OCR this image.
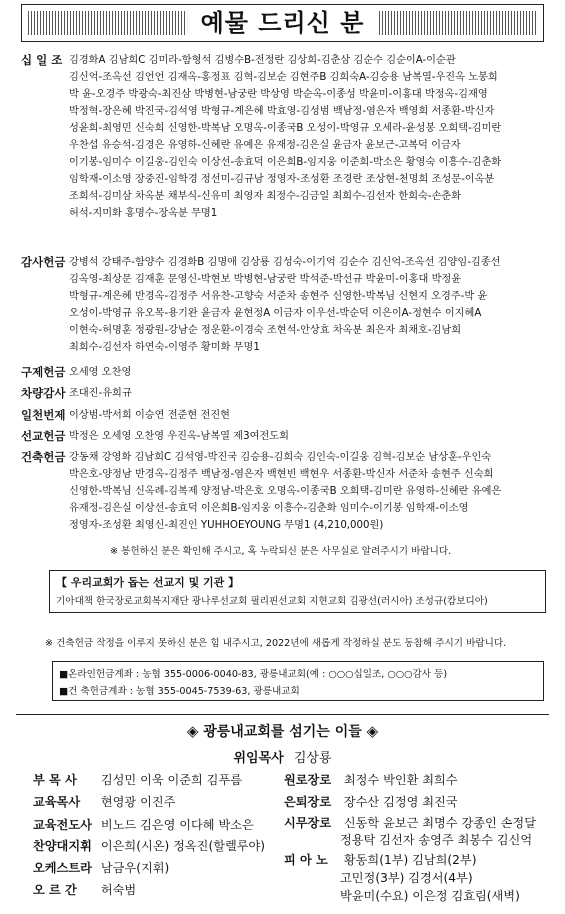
예물 드리신 분
십 일 조 김경화A 김남희C 김미라-함형석 김병수B-전정란 김상희-김춘삼 김순수 김순이A-이순관
김신억-조옥선 김언언 김재옥-홍정표 김혁-김보순 김현주B 김희숙A-김승용 남복열-우진옥 노봉희
박 윤-오경주 박광숙-최진삼 박병현-남궁란 박상영 박순옥-이종성 박윤미-이홍대 박정옥-김재영
박정혁-장은혜 박진국-김석영 박형규-계은혜 박효영-김성범 백남정-염은자 백영희 서종환-박신자
성윤희-최영민 신숙희 신영한-박복남 오명옥-이종국B 오성이-박영규 오세라-윤성봉 오희택-김미란
우찬섭 유승석-김경은 유영하-신혜란 유예은 유재정-김은실 윤금자 윤보근-고복덕 이금자
이기봉-임미수 이길웅-김인숙 이상선-송효덕 이은희B-임지웅 이준희-박소은 황영숙 이흥수-김춘화
임학재-이소영 장중진-임학경 정선미-김규남 정영자-조성환 조경란 조상현-천명희 조성문-이옥분
조희석-김미삼 차옥분 채부식-신유미 최영자 최정수-김금일 최희수-김선자 한희숙-손춘화
허석-지미화 홍명수-장옥분 무명1
감사헌금 강병석 강태주-함양수 김경화B 김명애 김상룡 김성숙-이기억 김순수 김신억-조옥선 김양임-김종선
김옥영-최상문 김재훈 문영신-박현보 박병현-남궁란 박석준-박선규 박윤미-이홍대 박정윤
박형규-계은혜 반경옥-김정주 서유찬-고향숙 서준차 송현주 신영한-박복님 신현지 오경주-박 윤
오성이-박영규 유오목-용기완 윤금자 윤현정A 이금자 이우선-박순덕 이은이A-정현수 이지혜A
이현숙-허명훈 정광원-강남순 정운환-이경숙 조현석-안상효 차옥분 최은자 최채호-김남희
최희수-김선자 하연숙-이영주 황미화 무명1
구제헌금 오세영 오찬영
차량감사 조대진-유희규
일천번제 이상범-박서희 이승연 전준현 전진현
선교헌금 박정은 오세영 오찬영 우진옥-남복열 제3여전도회
건축헌금 강동채 강영화 김남희C 김석영-박진국 김승용-김희숙 김인숙-이길웅 김혁-김보순 남상훈-우인숙
박은호-양정남 반경옥-김정주 백남정-염은자 백현빈 백현우 서종환-박신자 서준차 송현주 신숙희
신영한-박복님 신옥례-김복제 양정남-박은호 오명옥-이종국B 오희택-김미란 유영하-신혜란 유예은
유재정-김은실 이상선-송효덕 이은희B-임지웅 이흥수-김춘화 임미수-이기봉 임학재-이소영
정영자-조성환 최영신-최진인 YUHHOEYOUNG 무명1 (4,210,000원)
※ 봉헌하신 분은 확인해 주시고, 혹 누락되신 분은 사무실로 알려주시기 바랍니다.
【 우리교회가 돕는 선교지 및 기관 】
기아대책 한국장로교회복지재단 광나루선교회 필리핀선교회 지현교회 김광선(러시아) 조성규(캄보디아)
※ 건축헌금 작정을 이루지 못하신 분은 힘 내주시고, 2022년에 새롭게 작정하실 분도 동참해 주시기 바랍니다.
■온라인헌금계좌 : 농협 355-0006-0040-83, 광릉내교회(예 : ○○○십일조, ○○○감사 등)
■건 축헌금계좌 : 농협 355-0045-7539-63, 광릉내교회
◈ 광릉내교회를 섬기는 이들 ◈
위임목사 김상룡
부 목 사 김성민 이욱 이준희 김푸름
교육목사 현영광 이진주
교육전도사 비노드 김은영 이다혜 박소은
찬양대지휘 이은희(시온) 정옥진(할렐루야)
오케스트라 남금우(지휘)
오 르 간 허숙범
원로장로 최정수 박인환 최희수
은퇴장로 장수산 김정영 최진국
시무장로 신동학 윤보근 최명수 강종인 손정달
정용탁 김선자 송영주 최봉수 김신억
피 아 노 황동희(1부) 김남희(2부)
고민정(3부) 김경서(4부)
박윤미(수요) 이은정 김효림(새벽)
